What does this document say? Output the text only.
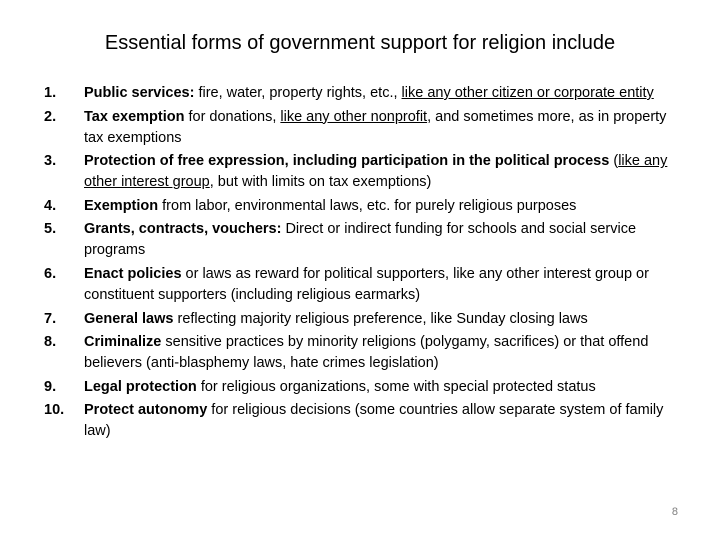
Essential forms of government support for religion include
1.	Public services: fire, water, property rights, etc., like any other citizen or corporate entity
2.	Tax exemption for donations, like any other nonprofit, and sometimes more, as in property tax exemptions
3.	Protection of free expression, including participation in the political process (like any other interest group, but with limits on tax exemptions)
4.	Exemption from labor, environmental laws, etc. for purely religious purposes
5.	Grants, contracts, vouchers: Direct or indirect funding for schools and social service programs
6.	Enact policies or laws as reward for political supporters, like any other interest group or constituent supporters (including religious earmarks)
7.	General laws reflecting majority religious preference, like Sunday closing laws
8.	Criminalize sensitive practices by minority religions (polygamy, sacrifices) or that offend believers (anti-blasphemy laws, hate crimes legislation)
9.	Legal protection for religious organizations, some with special protected status
10.	Protect autonomy for religious decisions (some countries allow separate system of family law)
8
